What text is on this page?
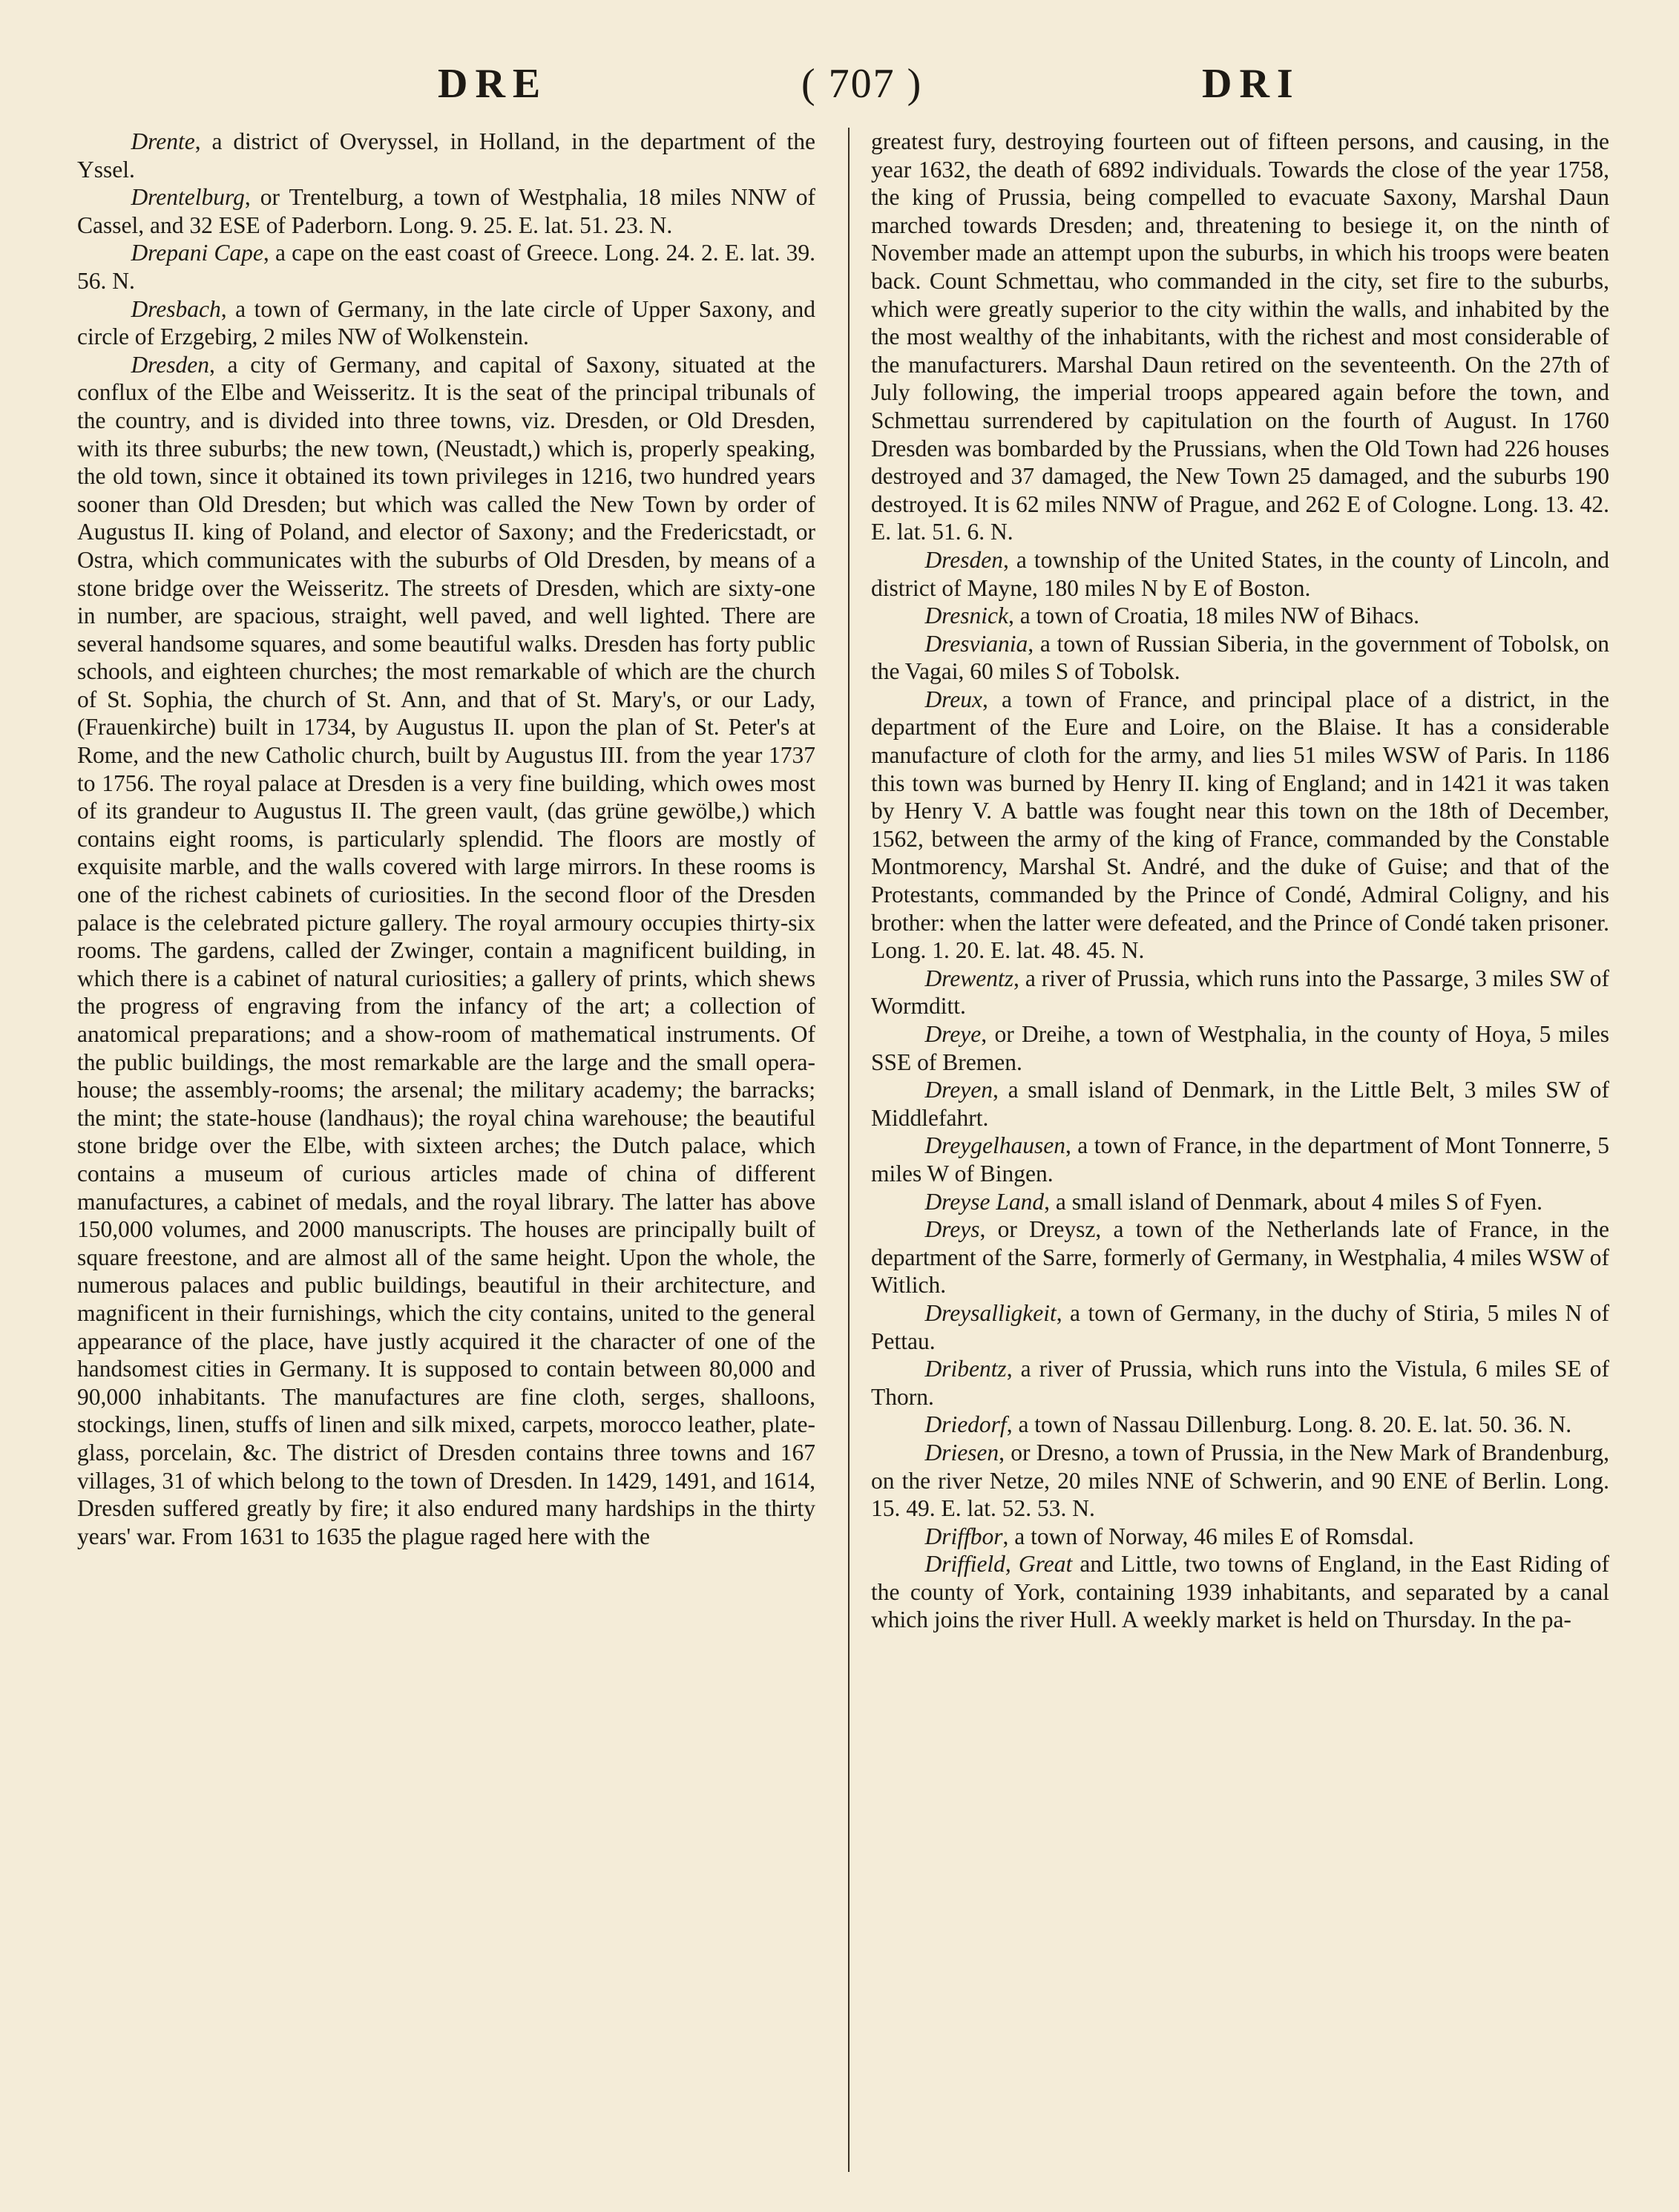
DRE	( 707 )	DRI

Drente, a district of Overyssel, in Holland, in the department of the Yssel.

Drentelburg, or Trentelburg, a town of Westphalia, 18 miles NNW of Cassel, and 32 ESE of Paderborn. Long. 9. 25. E. lat. 51. 23. N.

Drepani Cape, a cape on the east coast of Greece. Long. 24. 2. E. lat. 39. 56. N.

Dresbach, a town of Germany, in the late circle of Upper Saxony, and circle of Erzgebirg, 2 miles NW of Wolkenstein.

Dresden, a city of Germany, and capital of Saxony, situated at the conflux of the Elbe and Weisseritz. It is the seat of the principal tribunals of the country, and is divided into three towns, viz. Dresden, or Old Dresden, with its three suburbs; the new town, (Neustadt,) which is, properly speaking, the old town, since it obtained its town privileges in 1216, two hundred years sooner than Old Dresden; but which was called the New Town by order of Augustus II. king of Poland, and elector of Saxony; and the Fredericstadt, or Ostra, which communicates with the suburbs of Old Dresden, by means of a stone bridge over the Weisseritz. The streets of Dresden, which are sixty-one in number, are spacious, straight, well paved, and well lighted. There are several handsome squares, and some beautiful walks. Dresden has forty public schools, and eighteen churches; the most remarkable of which are the church of St. Sophia, the church of St. Ann, and that of St. Mary's, or our Lady, (Frauenkirche) built in 1734, by Augustus II. upon the plan of St. Peter's at Rome, and the new Catholic church, built by Augustus III. from the year 1737 to 1756. The royal palace at Dresden is a very fine building, which owes most of its grandeur to Augustus II. The green vault, (das grüne gewölbe,) which contains eight rooms, is particularly splendid. The floors are mostly of exquisite marble, and the walls covered with large mirrors. In these rooms is one of the richest cabinets of curiosities. In the second floor of the Dresden palace is the celebrated picture gallery. The royal armoury occupies thirty-six rooms. The gardens, called der Zwinger, contain a magnificent building, in which there is a cabinet of natural curiosities; a gallery of prints, which shews the progress of engraving from the infancy of the art; a collection of anatomical preparations; and a show-room of mathematical instruments. Of the public buildings, the most remarkable are the large and the small opera-house; the assembly-rooms; the arsenal; the military academy; the barracks; the mint; the state-house (landhaus); the royal china warehouse; the beautiful stone bridge over the Elbe, with sixteen arches; the Dutch palace, which contains a museum of curious articles made of china of different manufactures, a cabinet of medals, and the royal library. The latter has above 150,000 volumes, and 2000 manuscripts. The houses are principally built of square freestone, and are almost all of the same height. Upon the whole, the numerous palaces and public buildings, beautiful in their architecture, and magnificent in their furnishings, which the city contains, united to the general appearance of the place, have justly acquired it the character of one of the handsomest cities in Germany. It is supposed to contain between 80,000 and 90,000 inhabitants. The manufactures are fine cloth, serges, shalloons, stockings, linen, stuffs of linen and silk mixed, carpets, morocco leather, plate-glass, porcelain, &c. The district of Dresden contains three towns and 167 villages, 31 of which belong to the town of Dresden. In 1429, 1491, and 1614, Dresden suffered greatly by fire; it also endured many hardships in the thirty years' war. From 1631 to 1635 the plague raged here with the

greatest fury, destroying fourteen out of fifteen persons, and causing, in the year 1632, the death of 6892 individuals. Towards the close of the year 1758, the king of Prussia, being compelled to evacuate Saxony, Marshal Daun marched towards Dresden; and, threatening to besiege it, on the ninth of November made an attempt upon the suburbs, in which his troops were beaten back. Count Schmettau, who commanded in the city, set fire to the suburbs, which were greatly superior to the city within the walls, and inhabited by the the most wealthy of the inhabitants, with the richest and most considerable of the manufacturers. Marshal Daun retired on the seventeenth. On the 27th of July following, the imperial troops appeared again before the town, and Schmettau surrendered by capitulation on the fourth of August. In 1760 Dresden was bombarded by the Prussians, when the Old Town had 226 houses destroyed and 37 damaged, the New Town 25 damaged, and the suburbs 190 destroyed. It is 62 miles NNW of Prague, and 262 E of Cologne. Long. 13. 42. E. lat. 51. 6. N.

Dresden, a township of the United States, in the county of Lincoln, and district of Mayne, 180 miles N by E of Boston.

Dresnick, a town of Croatia, 18 miles NW of Bihacs.

Dresviania, a town of Russian Siberia, in the government of Tobolsk, on the Vagai, 60 miles S of Tobolsk.

Dreux, a town of France, and principal place of a district, in the department of the Eure and Loire, on the Blaise. It has a considerable manufacture of cloth for the army, and lies 51 miles WSW of Paris. In 1186 this town was burned by Henry II. king of England; and in 1421 it was taken by Henry V. A battle was fought near this town on the 18th of December, 1562, between the army of the king of France, commanded by the Constable Montmorency, Marshal St. André, and the duke of Guise; and that of the Protestants, commanded by the Prince of Condé, Admiral Coligny, and his brother: when the latter were defeated, and the Prince of Condé taken prisoner. Long. 1. 20. E. lat. 48. 45. N.

Drewentz, a river of Prussia, which runs into the Passarge, 3 miles SW of Wormditt.

Dreye, or Dreihe, a town of Westphalia, in the county of Hoya, 5 miles SSE of Bremen.

Dreyen, a small island of Denmark, in the Little Belt, 3 miles SW of Middlefahrt.

Dreygelhausen, a town of France, in the department of Mont Tonnerre, 5 miles W of Bingen.

Dreyse Land, a small island of Denmark, about 4 miles S of Fyen.

Dreys, or Dreysz, a town of the Netherlands late of France, in the department of the Sarre, formerly of Germany, in Westphalia, 4 miles WSW of Witlich.

Dreysalligkeit, a town of Germany, in the duchy of Stiria, 5 miles N of Pettau.

Dribentz, a river of Prussia, which runs into the Vistula, 6 miles SE of Thorn.

Driedorf, a town of Nassau Dillenburg. Long. 8. 20. E. lat. 50. 36. N.

Driesen, or Dresno, a town of Prussia, in the New Mark of Brandenburg, on the river Netze, 20 miles NNE of Schwerin, and 90 ENE of Berlin. Long. 15. 49. E. lat. 52. 53. N.

Driffbor, a town of Norway, 46 miles E of Romsdal.

Driffield, Great and Little, two towns of England, in the East Riding of the county of York, containing 1939 inhabitants, and separated by a canal which joins the river Hull. A weekly market is held on Thursday. In the pa-
